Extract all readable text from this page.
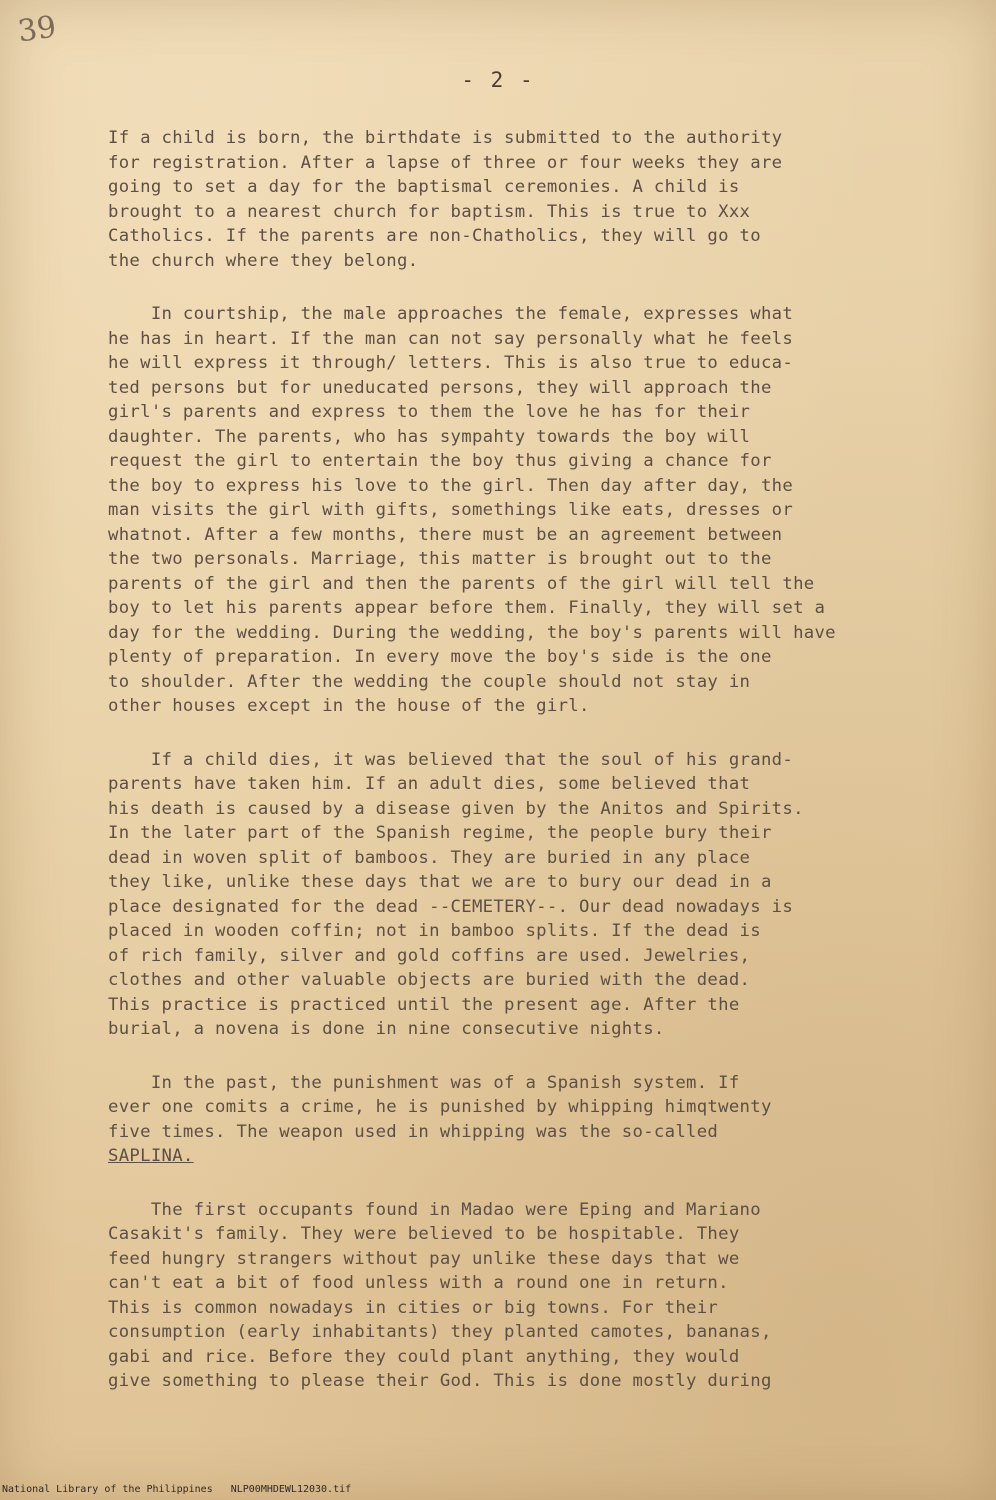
39
- 2 -
If a child is born, the birthdate is submitted to the authority
for registration. After a lapse of three or four weeks they are
going to set a day for the baptismal ceremonies. A child is
brought to a nearest church for baptism. This is true to Xxx
Catholics. If the parents are non-Chatholics, they will go to
the church where they belong.
In courtship, the male approaches the female, expresses what
he has in heart. If the man can not say personally what he feels
he will express it through/ letters. This is also true to educa-
ted persons but for uneducated persons, they will approach the
girl's parents and express to them the love he has for their
daughter. The parents, who has sympahty towards the boy will
request the girl to entertain the boy thus giving a chance for
the boy to express his love to the girl. Then day after day, the
man visits the girl with gifts, somethings like eats, dresses or
whatnot. After a few months, there must be an agreement between
the two personals. Marriage, this matter is brought out to the
parents of the girl and then the parents of the girl will tell the
boy to let his parents appear before them. Finally, they will set a
day for the wedding. During the wedding, the boy's parents will have
plenty of preparation. In every move the boy's side is the one
to shoulder. After the wedding the couple should not stay in
other houses except in the house of the girl.
If a child dies, it was believed that the soul of his grand-
parents have taken him. If an adult dies, some believed that
his death is caused by a disease given by the Anitos and Spirits.
In the later part of the Spanish regime, the people bury their
dead in woven split of bamboos. They are buried in any place
they like, unlike these days that we are to bury our dead in a
place designated for the dead --CEMETERY--. Our dead nowadays is
placed in wooden coffin; not in bamboo splits. If the dead is
of rich family, silver and gold coffins are used. Jewelries,
clothes and other valuable objects are buried with the dead.
This practice is practiced until the present age. After the
burial, a novena is done in nine consecutive nights.
In the past, the punishment was of a Spanish system. If
ever one comits a crime, he is punished by whipping himqtwenty
five times. The weapon used in whipping was the so-called
SAPLINA.
The first occupants found in Madao were Eping and Mariano
Casakit's family. They were believed to be hospitable. They
feed hungry strangers without pay unlike these days that we
can't eat a bit of food unless with a round one in return.
This is common nowadays in cities or big towns. For their
consumption (early inhabitants) they planted camotes, bananas,
gabi and rice. Before they could plant anything, they would
give something to please their God. This is done mostly during
National Library of the Philippines NLP00MHDEWL12030.tif
